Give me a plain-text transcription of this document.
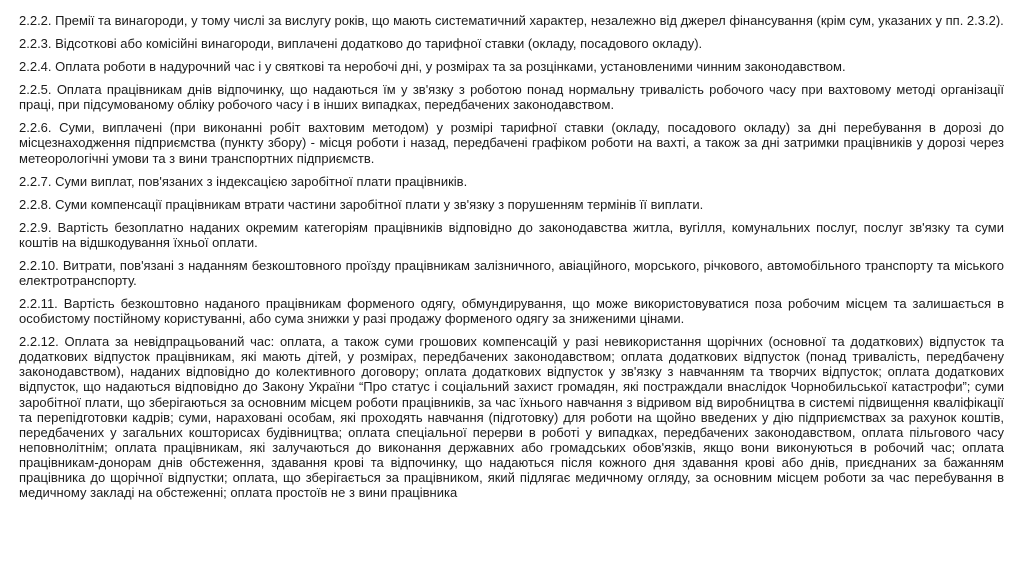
2.2.2. Премії та винагороди, у тому числі за вислугу років, що мають систематичний характер, незалежно від джерел фінансування (крім сум, указаних у пп. 2.3.2).

2.2.3. Відсоткові або комісійні винагороди, виплачені додатково до тарифної ставки (окладу, посадового окладу).

2.2.4. Оплата роботи в надурочний час і у святкові та неробочі дні, у розмірах та за розцінками, установленими чинним законодавством.

2.2.5. Оплата працівникам днів відпочинку, що надаються їм у зв'язку з роботою понад нормальну тривалість робочого часу при вахтовому методі організації праці, при підсумованому обліку робочого часу і в інших випадках, передбачених законодавством.

2.2.6. Суми, виплачені (при виконанні робіт вахтовим методом) у розмірі тарифної ставки (окладу, посадового окладу) за дні перебування в дорозі до місцезнаходження підприємства (пункту збору) - місця роботи і назад, передбачені графіком роботи на вахті, а також за дні затримки працівників у дорозі через метеорологічні умови та з вини транспортних підприємств.

2.2.7. Суми виплат, пов'язаних з індексацією заробітної плати працівників.

2.2.8. Суми компенсації працівникам втрати частини заробітної плати у зв'язку з порушенням термінів її виплати.

2.2.9. Вартість безоплатно наданих окремим категоріям працівників відповідно до законодавства житла, вугілля, комунальних послуг, послуг зв'язку та суми коштів на відшкодування їхньої оплати.

2.2.10. Витрати, пов'язані з наданням безкоштовного проїзду працівникам залізничного, авіаційного, морського, річкового, автомобільного транспорту та міського електротранспорту.

2.2.11. Вартість безкоштовно наданого працівникам форменого одягу, обмундирування, що може використовуватися поза робочим місцем та залишається в особистому постійному користуванні, або сума знижки у разі продажу форменого одягу за зниженими цінами.

2.2.12. Оплата за невідпрацьований час: оплата, а також суми грошових компенсацій у разі невикористання щорічних (основної та додаткових) відпусток та додаткових відпусток працівникам, які мають дітей, у розмірах, передбачених законодавством; оплата додаткових відпусток (понад тривалість, передбачену законодавством), наданих відповідно до колективного договору; оплата додаткових відпусток у зв'язку з навчанням та творчих відпусток; оплата додаткових відпусток, що надаються відповідно до Закону України “Про статус і соціальний захист громадян, які постраждали внаслідок Чорнобильської катастрофи”; суми заробітної плати, що зберігаються за основним місцем роботи працівників, за час їхнього навчання з відривом від виробництва в системі підвищення кваліфікації та перепідготовки кадрів; суми, нараховані особам, які проходять навчання (підготовку) для роботи на щойно введених у дію підприємствах за рахунок коштів, передбачених у загальних кошторисах будівництва; оплата спеціальної перерви в роботі у випадках, передбачених законодавством, оплата пільгового часу неповнолітнім; оплата працівникам, які залучаються до виконання державних або громадських обов'язків, якщо вони виконуються в робочий час; оплата працівникам-донорам днів обстеження, здавання крові та відпочинку, що надаються після кожного дня здавання крові або днів, приєднаних за бажанням працівника до щорічної відпустки; оплата, що зберігається за працівником, який підлягає медичному огляду, за основним місцем роботи за час перебування в медичному закладі на обстеженні; оплата простоїв не з вини працівника
